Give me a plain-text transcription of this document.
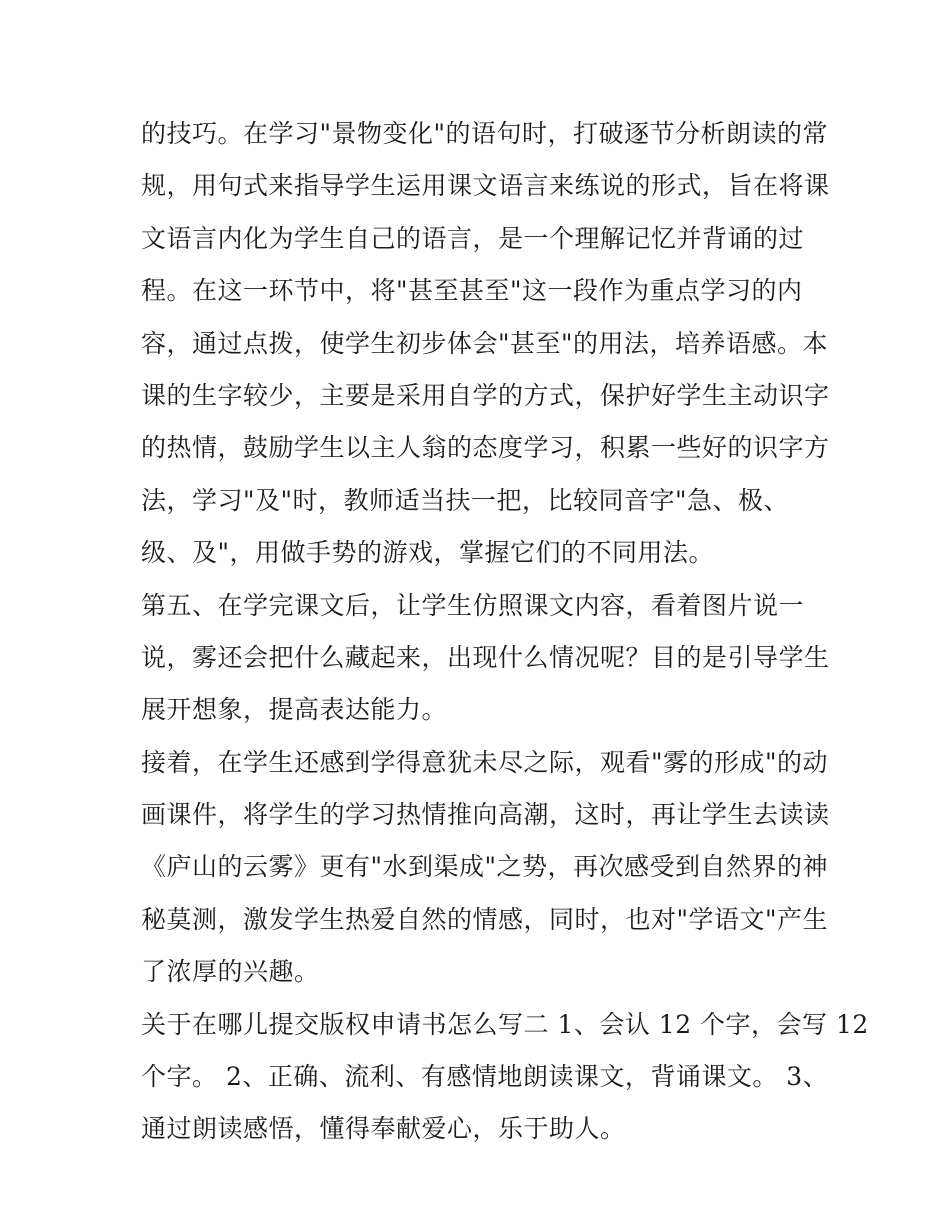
的技巧。在学习"景物变化"的语句时，打破逐节分析朗读的常
规，用句式来指导学生运用课文语言来练说的形式，旨在将课
文语言内化为学生自己的语言，是一个理解记忆并背诵的过
程。在这一环节中，将"甚至甚至"这一段作为重点学习的内
容，通过点拨，使学生初步体会"甚至"的用法，培养语感。本
课的生字较少，主要是采用自学的方式，保护好学生主动识字
的热情，鼓励学生以主人翁的态度学习，积累一些好的识字方
法，学习"及"时，教师适当扶一把，比较同音字"急、极、
级、及"，用做手势的游戏，掌握它们的不同用法。
第五、在学完课文后，让学生仿照课文内容，看着图片说一
说，雾还会把什么藏起来，出现什么情况呢？目的是引导学生
展开想象，提高表达能力。
接着，在学生还感到学得意犹未尽之际，观看"雾的形成"的动
画课件，将学生的学习热情推向高潮，这时，再让学生去读读
《庐山的云雾》更有"水到渠成"之势，再次感受到自然界的神
秘莫测，激发学生热爱自然的情感，同时，也对"学语文"产生
了浓厚的兴趣。
关于在哪儿提交版权申请书怎么写二 1、会认 12 个字，会写 12
个字。 2、正确、流利、有感情地朗读课文，背诵课文。 3、
通过朗读感悟，懂得奉献爱心，乐于助人。
